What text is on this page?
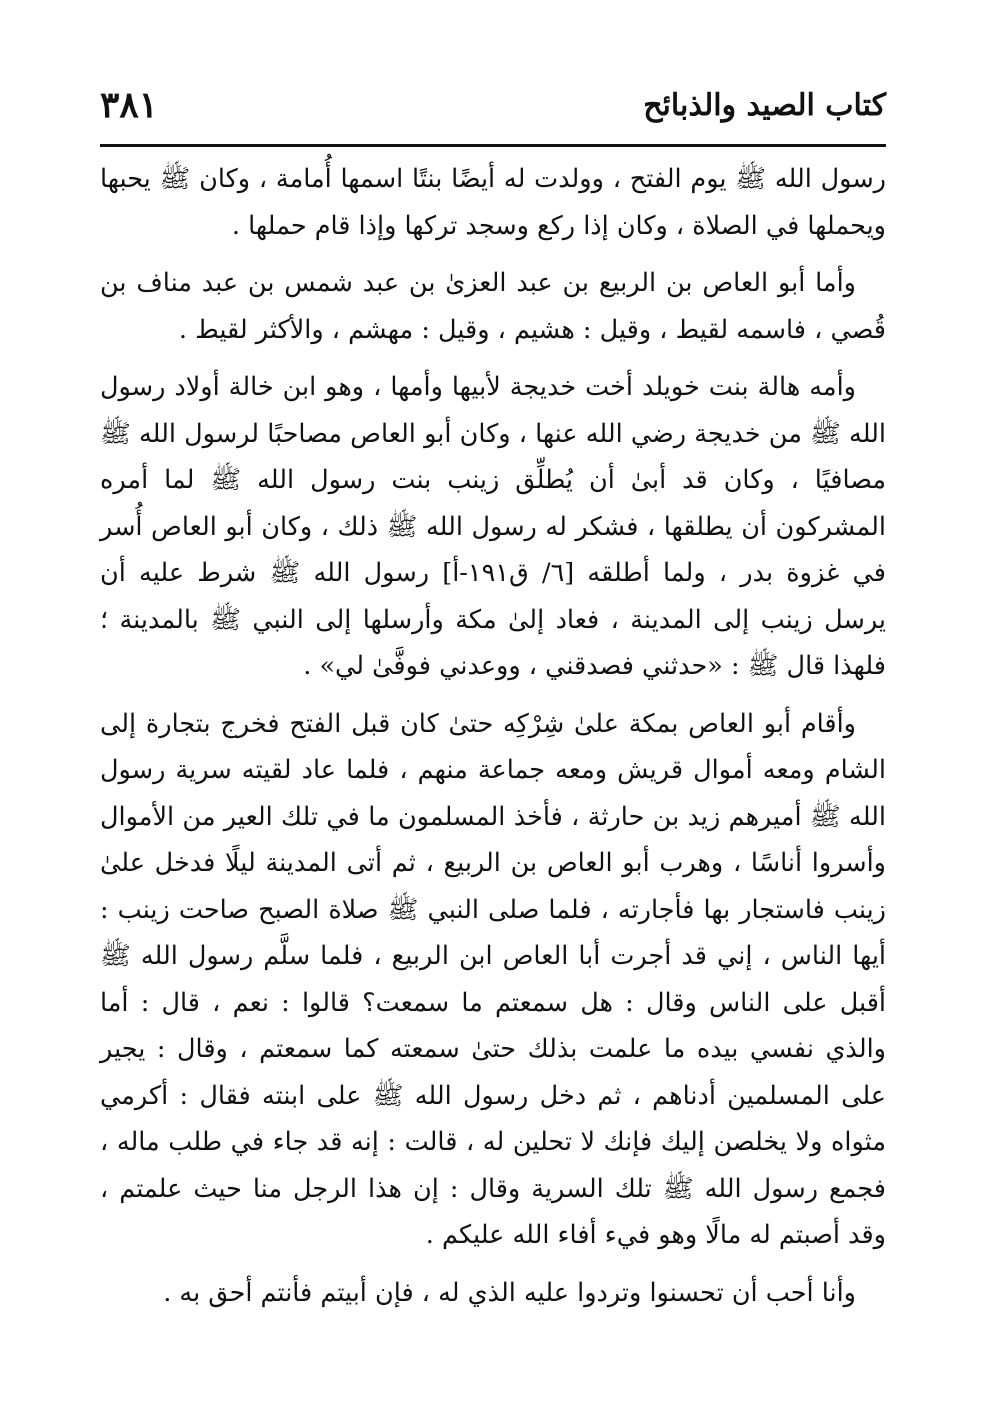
٣٨١	كتاب الصيد والذبائح

رسول الله ﷺ يوم الفتح ، وولدت له أيضًا بنتًا اسمها أُمامة ، وكان ﷺ يحبها ويحملها في الصلاة ، وكان إذا ركع وسجد تركها وإذا قام حملها .

وأما أبو العاص بن الربيع بن عبد العزىٰ بن عبد شمس بن عبد مناف بن قُصي ، فاسمه لقيط ، وقيل : هشيم ، وقيل : مهشم ، والأكثر لقيط .

وأمه هالة بنت خويلد أخت خديجة لأبيها وأمها ، وهو ابن خالة أولاد رسول الله ﷺ من خديجة رضي الله عنها ، وكان أبو العاص مصاحبًا لرسول الله ﷺ مصافيًا ، وكان قد أبىٰ أن يُطلِّق زينب بنت رسول الله ﷺ لما أمره المشركون أن يطلقها ، فشكر له رسول الله ﷺ ذلك ، وكان أبو العاص أُسر في غزوة بدر ، ولما أطلقه [٦/ ق١٩١-أ] رسول الله ﷺ شرط عليه أن يرسل زينب إلى المدينة ، فعاد إلىٰ مكة وأرسلها إلى النبي ﷺ بالمدينة ؛ فلهذا قال ﷺ : «حدثني فصدقني ، ووعدني فوفَّىٰ لي» .

وأقام أبو العاص بمكة علىٰ شِرْكِه حتىٰ كان قبل الفتح فخرج بتجارة إلى الشام ومعه أموال قريش ومعه جماعة منهم ، فلما عاد لقيته سرية رسول الله ﷺ أميرهم زيد بن حارثة ، فأخذ المسلمون ما في تلك العير من الأموال وأسروا أناسًا ، وهرب أبو العاص بن الربيع ، ثم أتى المدينة ليلًا فدخل علىٰ زينب فاستجار بها فأجارته ، فلما صلى النبي ﷺ صلاة الصبح صاحت زينب : أيها الناس ، إني قد أجرت أبا العاص ابن الربيع ، فلما سلَّم رسول الله ﷺ أقبل على الناس وقال : هل سمعتم ما سمعت؟ قالوا : نعم ، قال : أما والذي نفسي بيده ما علمت بذلك حتىٰ سمعته كما سمعتم ، وقال : يجير على المسلمين أدناهم ، ثم دخل رسول الله ﷺ على ابنته فقال : أكرمي مثواه ولا يخلصن إليك فإنك لا تحلين له ، قالت : إنه قد جاء في طلب ماله ، فجمع رسول الله ﷺ تلك السرية وقال : إن هذا الرجل منا حيث علمتم ، وقد أصبتم له مالًا وهو فيء أفاء الله عليكم .

وأنا أحب أن تحسنوا وتردوا عليه الذي له ، فإن أبيتم فأنتم أحق به .
